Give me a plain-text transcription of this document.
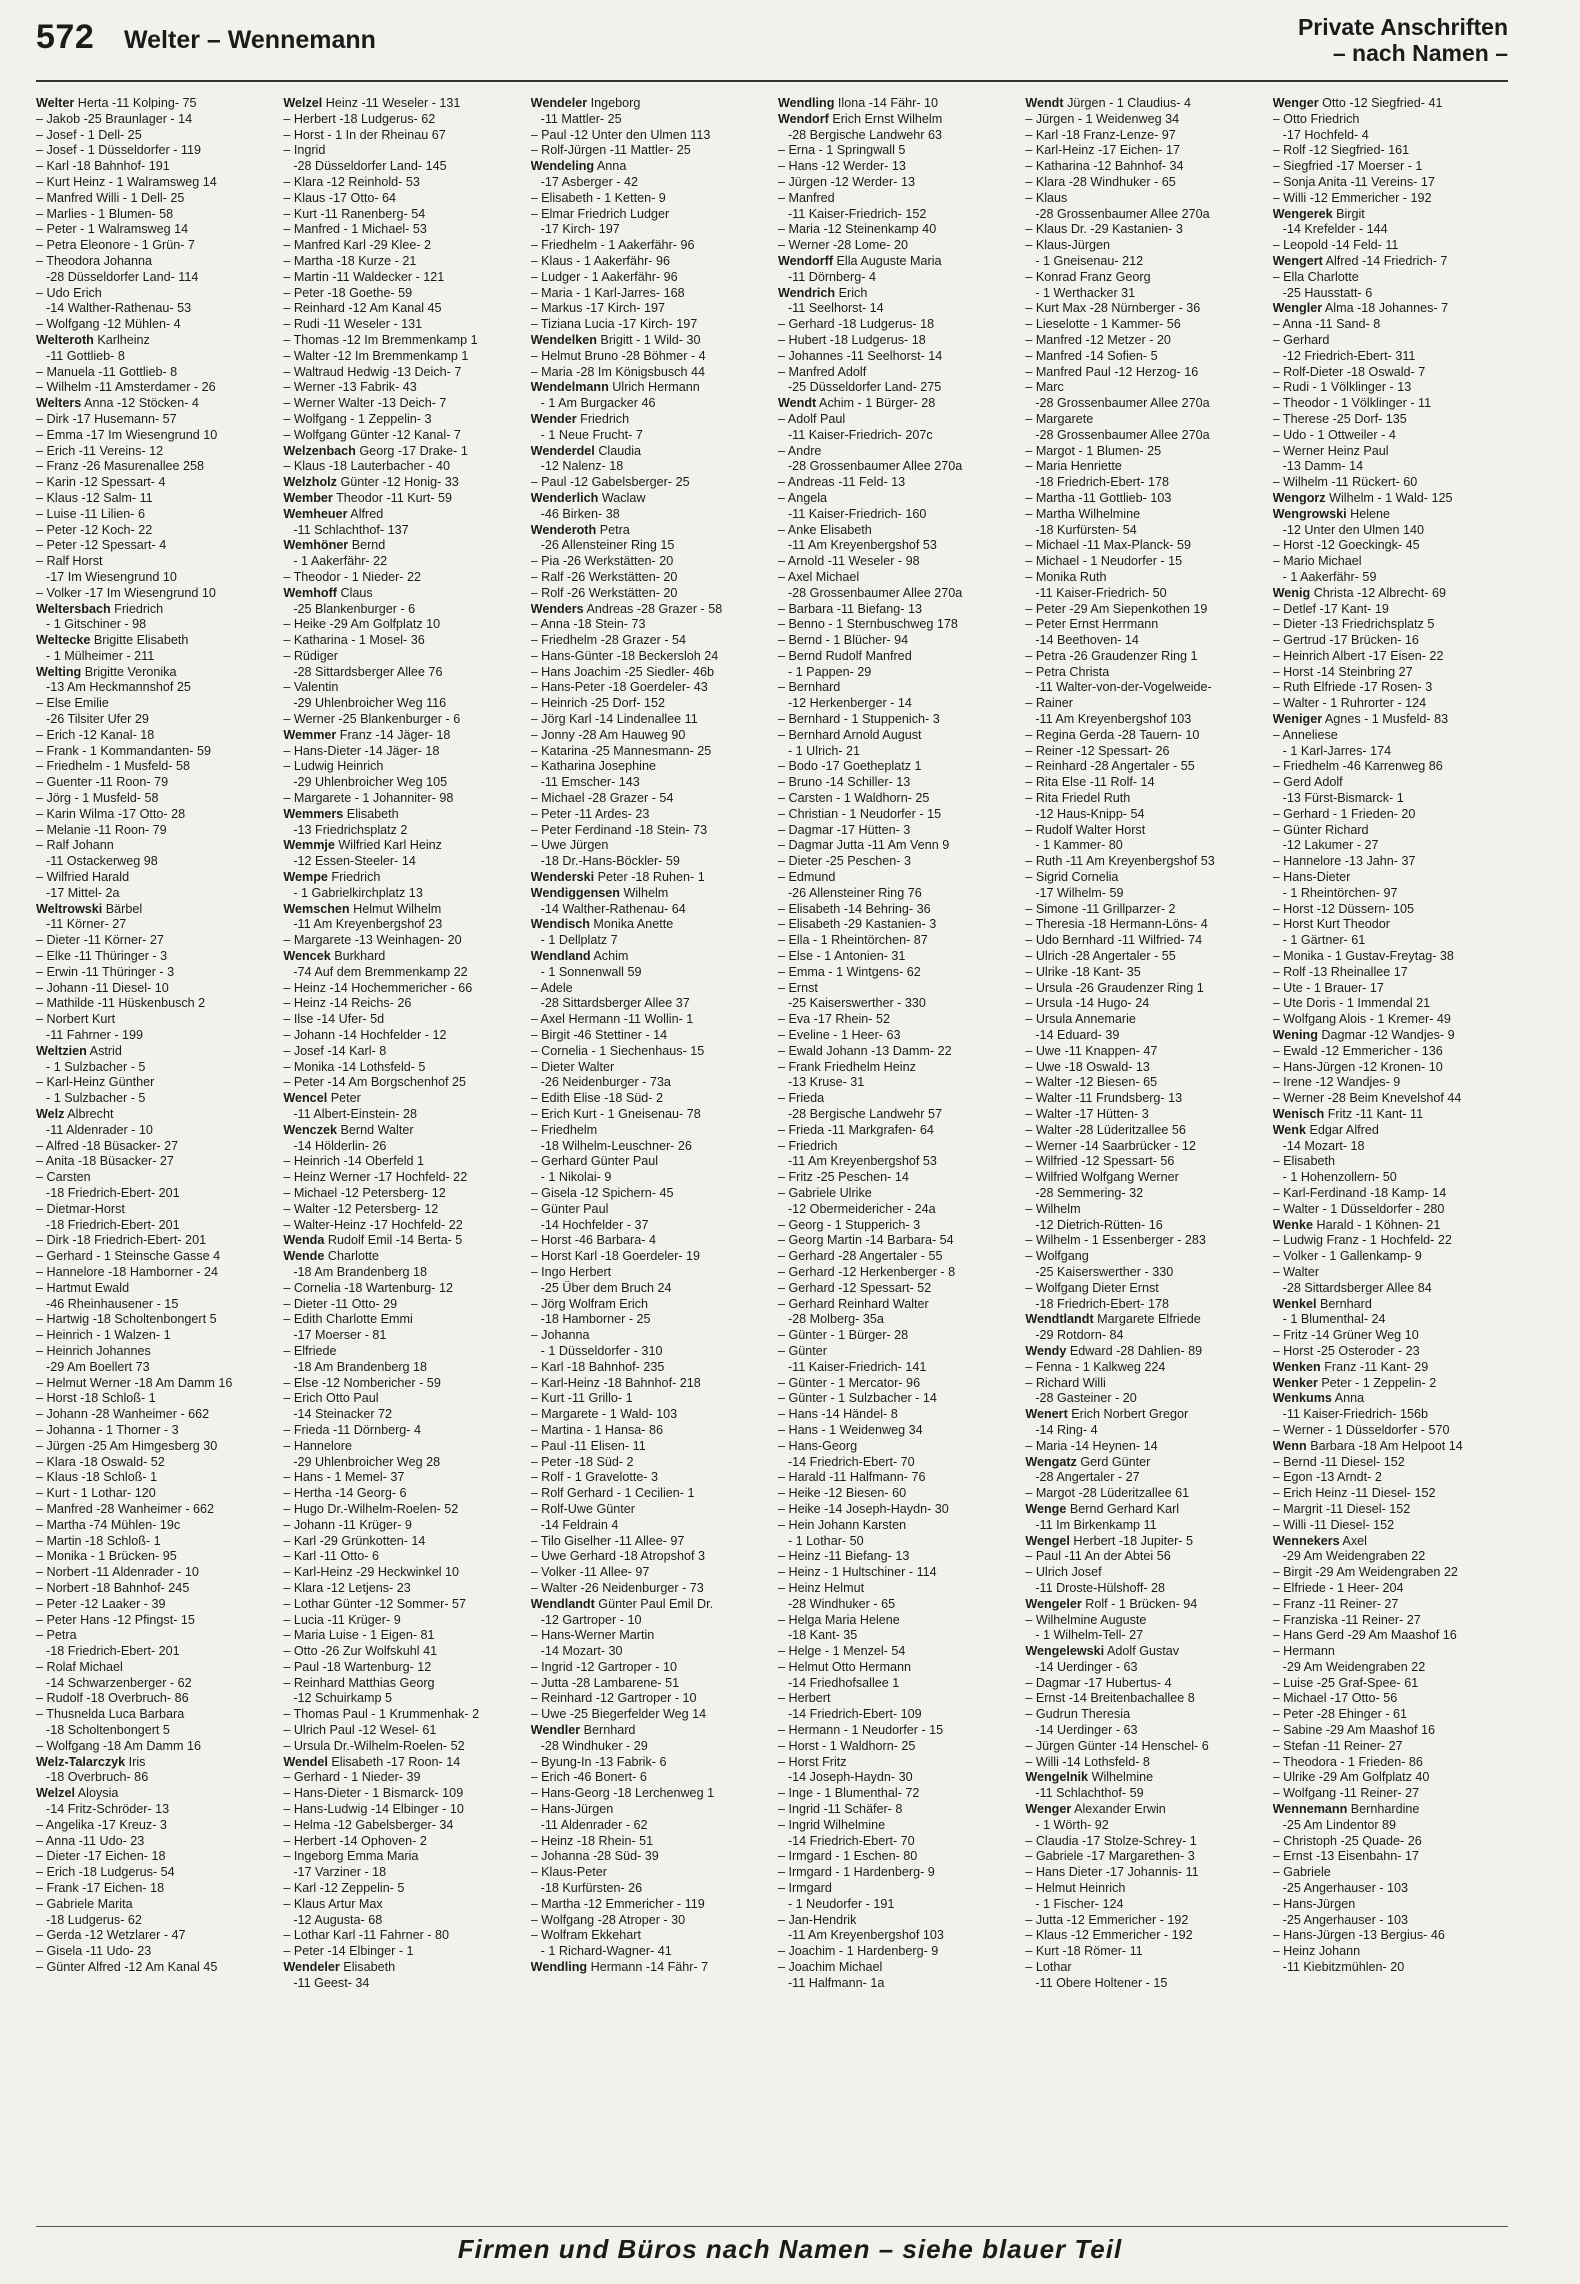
572 Welter – Wennemann	Private Anschriften
– nach Namen –
Welter Herta -11 Kolping- 75
– Jakob -25 Braunlager - 14
– Josef - 1 Dell- 25
– Josef - 1 Düsseldorfer - 119
– Karl -18 Bahnhof- 191
– Kurt Heinz - 1 Walramsweg 14
– Manfred Willi - 1 Dell- 25
– Marlies - 1 Blumen- 58
– Peter - 1 Walramsweg 14
– Petra Eleonore - 1 Grün- 7
– Theodora Johanna
-28 Düsseldorfer Land- 114
– Udo Erich
-14 Walther-Rathenau- 53
– Wolfgang -12 Mühlen- 4
Welteroth Karlheinz
-11 Gottlieb- 8
– Manuela -11 Gottlieb- 8
– Wilhelm -11 Amsterdamer - 26
Welters Anna -12 Stöcken- 4
– Dirk -17 Husemann- 57
– Emma -17 Im Wiesengrund 10
– Erich -11 Vereins- 12
– Franz -26 Masurenallee 258
– Karin -12 Spessart- 4
– Klaus -12 Salm- 11
– Luise -11 Lilien- 6
– Peter -12 Koch- 22
– Peter -12 Spessart- 4
– Ralf Horst
-17 Im Wiesengrund 10
– Volker -17 Im Wiesengrund 10
Weltersbach Friedrich
- 1 Gitschiner - 98
Weltecke Brigitte Elisabeth
- 1 Mülheimer - 211
Welting Brigitte Veronika
-13 Am Heckmannshof 25
– Else Emilie
-26 Tilsiter Ufer 29
– Erich -12 Kanal- 18
– Frank - 1 Kommandanten- 59
– Friedhelm - 1 Musfeld- 58
– Guenter -11 Roon- 79
– Jörg - 1 Musfeld- 58
– Karin Wilma -17 Otto- 28
– Melanie -11 Roon- 79
– Ralf Johann
-11 Ostackerweg 98
– Wilfried Harald
-17 Mittel- 2a
Weltrowski Bärbel
-11 Körner- 27
– Dieter -11 Körner- 27
– Elke -11 Thüringer - 3
– Erwin -11 Thüringer - 3
– Johann -11 Diesel- 10
– Mathilde -11 Hüskenbusch 2
– Norbert Kurt
-11 Fahrner - 199
Weltzien Astrid
- 1 Sulzbacher - 5
– Karl-Heinz Günther
- 1 Sulzbacher - 5
Welz Albrecht
-11 Aldenrader - 10
– Alfred -18 Büsacker- 27
– Anita -18 Büsacker- 27
– Carsten
-18 Friedrich-Ebert- 201
– Dietmar-Horst
-18 Friedrich-Ebert- 201
– Dirk -18 Friedrich-Ebert- 201
– Gerhard - 1 Steinsche Gasse 4
– Hannelore -18 Hamborner - 24
– Hartmut Ewald
-46 Rheinhausener - 15
– Hartwig -18 Scholtenbongert 5
– Heinrich - 1 Walzen- 1
– Heinrich Johannes
-29 Am Boellert 73
– Helmut Werner -18 Am Damm 16
– Horst -18 Schloß- 1
– Johann -28 Wanheimer - 662
– Johanna - 1 Thorner - 3
– Jürgen -25 Am Himgesberg 30
– Klara -18 Oswald- 52
– Klaus -18 Schloß- 1
– Kurt - 1 Lothar- 120
– Manfred -28 Wanheimer - 662
– Martha -74 Mühlen- 19c
– Martin -18 Schloß- 1
– Monika - 1 Brücken- 95
– Norbert -11 Aldenrader - 10
– Norbert -18 Bahnhof- 245
– Peter -12 Laaker - 39
– Peter Hans -12 Pfingst- 15
– Petra
-18 Friedrich-Ebert- 201
– Rolaf Michael
-14 Schwarzenberger - 62
– Rudolf -18 Overbruch- 86
– Thusnelda Luca Barbara
-18 Scholtenbongert 5
– Wolfgang -18 Am Damm 16
Welz-Talarczyk Iris
-18 Overbruch- 86
Welzel Aloysia
-14 Fritz-Schröder- 13
– Angelika -17 Kreuz- 3
– Anna -11 Udo- 23
– Dieter -17 Eichen- 18
– Erich -18 Ludgerus- 54
– Frank -17 Eichen- 18
– Gabriele Marita
-18 Ludgerus- 62
– Gerda -12 Wetzlarer - 47
– Gisela -11 Udo- 23
– Günter Alfred -12 Am Kanal 45
Welzel Heinz -11 Weseler - 131
– Herbert -18 Ludgerus- 62
– Horst - 1 In der Rheinau 67
– Ingrid
-28 Düsseldorfer Land- 145
– Klara -12 Reinhold- 53
– Klaus -17 Otto- 64
– Kurt -11 Ranenberg- 54
– Manfred - 1 Michael- 53
– Manfred Karl -29 Klee- 2
– Martha -18 Kurze - 21
– Martin -11 Waldecker - 121
– Peter -18 Goethe- 59
– Reinhard -12 Am Kanal 45
– Rudi -11 Weseler - 131
– Thomas -12 Im Bremmenkamp 1
– Walter -12 Im Bremmenkamp 1
– Waltraud Hedwig -13 Deich- 7
– Werner -13 Fabrik- 43
– Werner Walter -13 Deich- 7
– Wolfgang - 1 Zeppelin- 3
– Wolfgang Günter -12 Kanal- 7
Welzenbach Georg -17 Drake- 1
– Klaus -18 Lauterbacher - 40
Welzholz Günter -12 Honig- 33
Wember Theodor -11 Kurt- 59
Wemheuer Alfred
-11 Schlachthof- 137
Wemhöner Bernd
- 1 Aakerfähr- 22
– Theodor - 1 Nieder- 22
Wemhoff Claus
-25 Blankenburger - 6
– Heike -29 Am Golfplatz 10
– Katharina - 1 Mosel- 36
– Rüdiger
-28 Sittardsberger Allee 76
– Valentin
-29 Uhlenbroicher Weg 116
– Werner -25 Blankenburger - 6
Wemmer Franz -14 Jäger- 18
– Hans-Dieter -14 Jäger- 18
– Ludwig Heinrich
-29 Uhlenbroicher Weg 105
– Margarete - 1 Johanniter- 98
Wemmers Elisabeth
-13 Friedrichsplatz 2
Wemmje Wilfried Karl Heinz
-12 Essen-Steeler- 14
Wempe Friedrich
- 1 Gabrielkirchplatz 13
Wemschen Helmut Wilhelm
-11 Am Kreyenbergshof 23
– Margarete -13 Weinhagen- 20
Wencek Burkhard
-74 Auf dem Bremmenkamp 22
– Heinz -14 Hochemmericher - 66
– Heinz -14 Reichs- 26
– Ilse -14 Ufer- 5d
– Johann -14 Hochfelder - 12
– Josef -14 Karl- 8
– Monika -14 Lothsfeld- 5
– Peter -14 Am Borgschenhof 25
Wencel Peter
-11 Albert-Einstein- 28
Wenczek Bernd Walter
-14 Hölderlin- 26
– Heinrich -14 Oberfeld 1
– Heinz Werner -17 Hochfeld- 22
– Michael -12 Petersberg- 12
– Walter -12 Petersberg- 12
– Walter-Heinz -17 Hochfeld- 22
Wenda Rudolf Emil -14 Berta- 5
Wende Charlotte
-18 Am Brandenberg 18
– Cornelia -18 Wartenburg- 12
– Dieter -11 Otto- 29
– Edith Charlotte Emmi
-17 Moerser - 81
– Elfriede
-18 Am Brandenberg 18
– Else -12 Nombericher - 59
– Erich Otto Paul
-14 Steinacker 72
– Frieda -11 Dörnberg- 4
– Hannelore
-29 Uhlenbroicher Weg 28
– Hans - 1 Memel- 37
– Hertha -14 Georg- 6
– Hugo Dr.-Wilhelm-Roelen- 52
– Johann -11 Krüger- 9
– Karl -29 Grünkotten- 14
– Karl -11 Otto- 6
– Karl-Heinz -29 Heckwinkel 10
– Klara -12 Letjens- 23
– Lothar Günter -12 Sommer- 57
– Lucia -11 Krüger- 9
– Maria Luise - 1 Eigen- 81
– Otto -26 Zur Wolfskuhl 41
– Paul -18 Wartenburg- 12
– Reinhard Matthias Georg
-12 Schuirkamp 5
– Thomas Paul - 1 Krummenhak- 2
– Ulrich Paul -12 Wesel- 61
– Ursula Dr.-Wilhelm-Roelen- 52
Wendel Elisabeth -17 Roon- 14
– Gerhard - 1 Nieder- 39
– Hans-Dieter - 1 Bismarck- 109
– Hans-Ludwig -14 Elbinger - 10
– Helma -12 Gabelsberger- 34
– Herbert -14 Ophoven- 2
– Ingeborg Emma Maria
-17 Varziner - 18
– Karl -12 Zeppelin- 5
– Klaus Artur Max
-12 Augusta- 68
– Lothar Karl -11 Fahrner - 80
– Peter -14 Elbinger - 1
Wendeler Elisabeth
-11 Geest- 34
Wendeler Ingeborg
-11 Mattler- 25
– Paul -12 Unter den Ulmen 113
– Rolf-Jürgen -11 Mattler- 25
Wendeling Anna
-17 Asberger - 42
– Elisabeth - 1 Ketten- 9
– Elmar Friedrich Ludger
-17 Kirch- 197
– Friedhelm - 1 Aakerfähr- 96
– Klaus - 1 Aakerfähr- 96
– Ludger - 1 Aakerfähr- 96
– Maria - 1 Karl-Jarres- 168
– Markus -17 Kirch- 197
– Tiziana Lucia -17 Kirch- 197
Wendelken Brigitt - 1 Wild- 30
– Helmut Bruno -28 Böhmer - 4
– Maria -28 Im Königsbusch 44
Wendelmann Ulrich Hermann
- 1 Am Burgacker 46
Wender Friedrich
- 1 Neue Frucht- 7
Wenderdel Claudia
-12 Nalenz- 18
– Paul -12 Gabelsberger- 25
Wenderlich Waclaw
-46 Birken- 38
Wenderoth Petra
-26 Allensteiner Ring 15
– Pia -26 Werkstätten- 20
– Ralf -26 Werkstätten- 20
– Rolf -26 Werkstätten- 20
Wenders Andreas -28 Grazer - 58
– Anna -18 Stein- 73
– Friedhelm -28 Grazer - 54
– Hans-Günter -18 Beckersloh 24
– Hans Joachim -25 Siedler- 46b
– Hans-Peter -18 Goerdeler- 43
– Heinrich -25 Dorf- 152
– Jörg Karl -14 Lindenallee 11
– Jonny -28 Am Hauweg 90
– Katarina -25 Mannesmann- 25
– Katharina Josephine
-11 Emscher- 143
– Michael -28 Grazer - 54
– Peter -11 Ardes- 23
– Peter Ferdinand -18 Stein- 73
– Uwe Jürgen
-18 Dr.-Hans-Böckler- 59
Wenderski Peter -18 Ruhen- 1
Wendiggensen Wilhelm
-14 Walther-Rathenau- 64
Wendisch Monika Anette
- 1 Dellplatz 7
Wendland Achim
- 1 Sonnenwall 59
– Adele
-28 Sittardsberger Allee 37
– Axel Hermann -11 Wollin- 1
– Birgit -46 Stettiner - 14
– Cornelia - 1 Siechenhaus- 15
– Dieter Walter
-26 Neidenburger - 73a
– Edith Elise -18 Süd- 2
– Erich Kurt - 1 Gneisenau- 78
– Friedhelm
-18 Wilhelm-Leuschner- 26
– Gerhard Günter Paul
- 1 Nikolai- 9
– Gisela -12 Spichern- 45
– Günter Paul
-14 Hochfelder - 37
– Horst -46 Barbara- 4
– Horst Karl -18 Goerdeler- 19
– Ingo Herbert
-25 Über dem Bruch 24
– Jörg Wolfram Erich
-18 Hamborner - 25
– Johanna
- 1 Düsseldorfer - 310
– Karl -18 Bahnhof- 235
– Karl-Heinz -18 Bahnhof- 218
– Kurt -11 Grillo- 1
– Margarete - 1 Wald- 103
– Martina - 1 Hansa- 86
– Paul -11 Elisen- 11
– Peter -18 Süd- 2
– Rolf - 1 Gravelotte- 3
– Rolf Gerhard - 1 Cecilien- 1
– Rolf-Uwe Günter
-14 Feldrain 4
– Tilo Giselher -11 Allee- 97
– Uwe Gerhard -18 Atropshof 3
– Volker -11 Allee- 97
– Walter -26 Neidenburger - 73
Wendlandt Günter Paul Emil Dr.
-12 Gartroper - 10
– Hans-Werner Martin
-14 Mozart- 30
– Ingrid -12 Gartroper - 10
– Jutta -28 Lambarene- 51
– Reinhard -12 Gartroper - 10
– Uwe -25 Biegerfelder Weg 14
Wendler Bernhard
-28 Windhuker - 29
– Byung-In -13 Fabrik- 6
– Erich -46 Bonert- 6
– Hans-Georg -18 Lerchenweg 1
– Hans-Jürgen
-11 Aldenrader - 62
– Heinz -18 Rhein- 51
– Johanna -28 Süd- 39
– Klaus-Peter
-18 Kurfürsten- 26
– Martha -12 Emmericher - 119
– Wolfgang -28 Atroper - 30
– Wolfram Ekkehart
- 1 Richard-Wagner- 41
Wendling Hermann -14 Fähr- 7
Wendling Ilona -14 Fähr- 10
Wendorf Erich Ernst Wilhelm
-28 Bergische Landwehr 63
– Erna - 1 Springwall 5
– Hans -12 Werder- 13
– Jürgen -12 Werder- 13
– Manfred
-11 Kaiser-Friedrich- 152
– Maria -12 Steinenkamp 40
– Werner -28 Lome- 20
Wendorff Ella Auguste Maria
-11 Dörnberg- 4
Wendrich Erich
-11 Seelhorst- 14
– Gerhard -18 Ludgerus- 18
– Hubert -18 Ludgerus- 18
– Johannes -11 Seelhorst- 14
– Manfred Adolf
-25 Düsseldorfer Land- 275
Wendt Achim - 1 Bürger- 28
– Adolf Paul
-11 Kaiser-Friedrich- 207c
– Andre
-28 Grossenbaumer Allee 270a
– Andreas -11 Feld- 13
– Angela
-11 Kaiser-Friedrich- 160
– Anke Elisabeth
-11 Am Kreyenbergshof 53
– Arnold -11 Weseler - 98
– Axel Michael
-28 Grossenbaumer Allee 270a
– Barbara -11 Biefang- 13
– Benno - 1 Sternbuschweg 178
– Bernd - 1 Blücher- 94
– Bernd Rudolf Manfred
- 1 Pappen- 29
– Bernhard
-12 Herkenberger - 14
– Bernhard - 1 Stuppenich- 3
– Bernhard Arnold August
- 1 Ulrich- 21
– Bodo -17 Goetheplatz 1
– Bruno -14 Schiller- 13
– Carsten - 1 Waldhorn- 25
– Christian - 1 Neudorfer - 15
– Dagmar -17 Hütten- 3
– Dagmar Jutta -11 Am Venn 9
– Dieter -25 Peschen- 3
– Edmund
-26 Allensteiner Ring 76
– Elisabeth -14 Behring- 36
– Elisabeth -29 Kastanien- 3
– Ella - 1 Rheintörchen- 87
– Else - 1 Antonien- 31
– Emma - 1 Wintgens- 62
– Ernst
-25 Kaiserswerther - 330
– Eva -17 Rhein- 52
– Eveline - 1 Heer- 63
– Ewald Johann -13 Damm- 22
– Frank Friedhelm Heinz
-13 Kruse- 31
– Frieda
-28 Bergische Landwehr 57
– Frieda -11 Markgrafen- 64
– Friedrich
-11 Am Kreyenbergshof 53
– Fritz -25 Peschen- 14
– Gabriele Ulrike
-12 Obermeidericher - 24a
– Georg - 1 Stupperich- 3
– Georg Martin -14 Barbara- 54
– Gerhard -28 Angertaler - 55
– Gerhard -12 Herkenberger - 8
– Gerhard -12 Spessart- 52
– Gerhard Reinhard Walter
-28 Molberg- 35a
– Günter - 1 Bürger- 28
– Günter
-11 Kaiser-Friedrich- 141
– Günter - 1 Mercator- 96
– Günter - 1 Sulzbacher - 14
– Hans -14 Händel- 8
– Hans - 1 Weidenweg 34
– Hans-Georg
-14 Friedrich-Ebert- 70
– Harald -11 Halfmann- 76
– Heike -12 Biesen- 60
– Heike -14 Joseph-Haydn- 30
– Hein Johann Karsten
- 1 Lothar- 50
– Heinz -11 Biefang- 13
– Heinz - 1 Hultschiner - 114
– Heinz Helmut
-28 Windhuker - 65
– Helga Maria Helene
-18 Kant- 35
– Helge - 1 Menzel- 54
– Helmut Otto Hermann
-14 Friedhofsallee 1
– Herbert
-14 Friedrich-Ebert- 109
– Hermann - 1 Neudorfer - 15
– Horst - 1 Waldhorn- 25
– Horst Fritz
-14 Joseph-Haydn- 30
– Inge - 1 Blumenthal- 72
– Ingrid -11 Schäfer- 8
– Ingrid Wilhelmine
-14 Friedrich-Ebert- 70
– Irmgard - 1 Eschen- 80
– Irmgard - 1 Hardenberg- 9
– Irmgard
- 1 Neudorfer - 191
– Jan-Hendrik
-11 Am Kreyenbergshof 103
– Joachim - 1 Hardenberg- 9
– Joachim Michael
-11 Halfmann- 1a
Wendt Jürgen - 1 Claudius- 4
– Jürgen - 1 Weidenweg 34
– Karl -18 Franz-Lenze- 97
– Karl-Heinz -17 Eichen- 17
– Katharina -12 Bahnhof- 34
– Klara -28 Windhuker - 65
– Klaus
-28 Grossenbaumer Allee 270a
– Klaus Dr. -29 Kastanien- 3
– Klaus-Jürgen
- 1 Gneisenau- 212
– Konrad Franz Georg
- 1 Werthacker 31
– Kurt Max -28 Nürnberger - 36
– Lieselotte - 1 Kammer- 56
– Manfred -12 Metzer - 20
– Manfred -14 Sofien- 5
– Manfred Paul -12 Herzog- 16
– Marc
-28 Grossenbaumer Allee 270a
– Margarete
-28 Grossenbaumer Allee 270a
– Margot - 1 Blumen- 25
– Maria Henriette
-18 Friedrich-Ebert- 178
– Martha -11 Gottlieb- 103
– Martha Wilhelmine
-18 Kurfürsten- 54
– Michael -11 Max-Planck- 59
– Michael - 1 Neudorfer - 15
– Monika Ruth
-11 Kaiser-Friedrich- 50
– Peter -29 Am Siepenkothen 19
– Peter Ernst Herrmann
-14 Beethoven- 14
– Petra -26 Graudenzer Ring 1
– Petra Christa
-11 Walter-von-der-Vogelweide-
– Rainer
-11 Am Kreyenbergshof 103
– Regina Gerda -28 Tauern- 10
– Reiner -12 Spessart- 26
– Reinhard -28 Angertaler - 55
– Rita Else -11 Rolf- 14
– Rita Friedel Ruth
-12 Haus-Knipp- 54
– Rudolf Walter Horst
- 1 Kammer- 80
– Ruth -11 Am Kreyenbergshof 53
– Sigrid Cornelia
-17 Wilhelm- 59
– Simone -11 Grillparzer- 2
– Theresia -18 Hermann-Löns- 4
– Udo Bernhard -11 Wilfried- 74
– Ulrich -28 Angertaler - 55
– Ulrike -18 Kant- 35
– Ursula -26 Graudenzer Ring 1
– Ursula -14 Hugo- 24
– Ursula Annemarie
-14 Eduard- 39
– Uwe -11 Knappen- 47
– Uwe -18 Oswald- 13
– Walter -12 Biesen- 65
– Walter -11 Frundsberg- 13
– Walter -17 Hütten- 3
– Walter -28 Lüderitzallee 56
– Werner -14 Saarbrücker - 12
– Wilfried -12 Spessart- 56
– Wilfried Wolfgang Werner
-28 Semmering- 32
– Wilhelm
-12 Dietrich-Rütten- 16
– Wilhelm - 1 Essenberger - 283
– Wolfgang
-25 Kaiserswerther - 330
– Wolfgang Dieter Ernst
-18 Friedrich-Ebert- 178
Wendtlandt Margarete Elfriede
-29 Rotdorn- 84
Wendy Edward -28 Dahlien- 89
– Fenna - 1 Kalkweg 224
– Richard Willi
-28 Gasteiner - 20
Wenert Erich Norbert Gregor
-14 Ring- 4
– Maria -14 Heynen- 14
Wengatz Gerd Günter
-28 Angertaler - 27
– Margot -28 Lüderitzallee 61
Wenge Bernd Gerhard Karl
-11 Im Birkenkamp 11
Wengel Herbert -18 Jupiter- 5
– Paul -11 An der Abtei 56
– Ulrich Josef
-11 Droste-Hülshoff- 28
Wengeler Rolf - 1 Brücken- 94
– Wilhelmine Auguste
- 1 Wilhelm-Tell- 27
Wengelewski Adolf Gustav
-14 Uerdinger - 63
– Dagmar -17 Hubertus- 4
– Ernst -14 Breitenbachallee 8
– Gudrun Theresia
-14 Uerdinger - 63
– Jürgen Günter -14 Henschel- 6
– Willi -14 Lothsfeld- 8
Wengelnik Wilhelmine
-11 Schlachthof- 59
Wenger Alexander Erwin
- 1 Wörth- 92
– Claudia -17 Stolze-Schrey- 1
– Gabriele -17 Margarethen- 3
– Hans Dieter -17 Johannis- 11
– Helmut Heinrich
- 1 Fischer- 124
– Jutta -12 Emmericher - 192
– Klaus -12 Emmericher - 192
– Kurt -18 Römer- 11
– Lothar
-11 Obere Holtener - 15
Wenger Otto -12 Siegfried- 41
– Otto Friedrich
-17 Hochfeld- 4
– Rolf -12 Siegfried- 161
– Siegfried -17 Moerser - 1
– Sonja Anita -11 Vereins- 17
– Willi -12 Emmericher - 192
Wengerek Birgit
-14 Krefelder - 144
– Leopold -14 Feld- 11
Wengert Alfred -14 Friedrich- 7
– Ella Charlotte
-25 Hausstatt- 6
Wengler Alma -18 Johannes- 7
– Anna -11 Sand- 8
– Gerhard
-12 Friedrich-Ebert- 311
– Rolf-Dieter -18 Oswald- 7
– Rudi - 1 Völklinger - 13
– Theodor - 1 Völklinger - 11
– Therese -25 Dorf- 135
– Udo - 1 Ottweiler - 4
– Werner Heinz Paul
-13 Damm- 14
– Wilhelm -11 Rückert- 60
Wengorz Wilhelm - 1 Wald- 125
Wengrowski Helene
-12 Unter den Ulmen 140
– Horst -12 Goeckingk- 45
– Mario Michael
- 1 Aakerfähr- 59
Wenig Christa -12 Albrecht- 69
– Detlef -17 Kant- 19
– Dieter -13 Friedrichsplatz 5
– Gertrud -17 Brücken- 16
– Heinrich Albert -17 Eisen- 22
– Horst -14 Steinbring 27
– Ruth Elfriede -17 Rosen- 3
– Walter - 1 Ruhrorter - 124
Weniger Agnes - 1 Musfeld- 83
– Anneliese
- 1 Karl-Jarres- 174
– Friedhelm -46 Karrenweg 86
– Gerd Adolf
-13 Fürst-Bismarck- 1
– Gerhard - 1 Frieden- 20
– Günter Richard
-12 Lakumer - 27
– Hannelore -13 Jahn- 37
– Hans-Dieter
- 1 Rheintörchen- 97
– Horst -12 Düssern- 105
– Horst Kurt Theodor
- 1 Gärtner- 61
– Monika - 1 Gustav-Freytag- 38
– Rolf -13 Rheinallee 17
– Ute - 1 Brauer- 17
– Ute Doris - 1 Immendal 21
– Wolfgang Alois - 1 Kremer- 49
Wening Dagmar -12 Wandjes- 9
– Ewald -12 Emmericher - 136
– Hans-Jürgen -12 Kronen- 10
– Irene -12 Wandjes- 9
– Werner -28 Beim Knevelshof 44
Wenisch Fritz -11 Kant- 11
Wenk Edgar Alfred
-14 Mozart- 18
– Elisabeth
- 1 Hohenzollern- 50
– Karl-Ferdinand -18 Kamp- 14
– Walter - 1 Düsseldorfer - 280
Wenke Harald - 1 Köhnen- 21
– Ludwig Franz - 1 Hochfeld- 22
– Volker - 1 Gallenkamp- 9
– Walter
-28 Sittardsberger Allee 84
Wenkel Bernhard
- 1 Blumenthal- 24
– Fritz -14 Grüner Weg 10
– Horst -25 Osteroder - 23
Wenken Franz -11 Kant- 29
Wenker Peter - 1 Zeppelin- 2
Wenkums Anna
-11 Kaiser-Friedrich- 156b
– Werner - 1 Düsseldorfer - 570
Wenn Barbara -18 Am Helpoot 14
– Bernd -11 Diesel- 152
– Egon -13 Arndt- 2
– Erich Heinz -11 Diesel- 152
– Margrit -11 Diesel- 152
– Willi -11 Diesel- 152
Wennekers Axel
-29 Am Weidengraben 22
– Birgit -29 Am Weidengraben 22
– Elfriede - 1 Heer- 204
– Franz -11 Reiner- 27
– Franziska -11 Reiner- 27
– Hans Gerd -29 Am Maashof 16
– Hermann
-29 Am Weidengraben 22
– Luise -25 Graf-Spee- 61
– Michael -17 Otto- 56
– Peter -28 Ehinger - 61
– Sabine -29 Am Maashof 16
– Stefan -11 Reiner- 27
– Theodora - 1 Frieden- 86
– Ulrike -29 Am Golfplatz 40
– Wolfgang -11 Reiner- 27
Wennemann Bernhardine
-25 Am Lindentor 89
– Christoph -25 Quade- 26
– Ernst -13 Eisenbahn- 17
– Gabriele
-25 Angerhauser - 103
– Hans-Jürgen
-25 Angerhauser - 103
– Hans-Jürgen -13 Bergius- 46
– Heinz Johann
-11 Kiebitzmühlen- 20
Firmen und Büros nach Namen – siehe blauer Teil
